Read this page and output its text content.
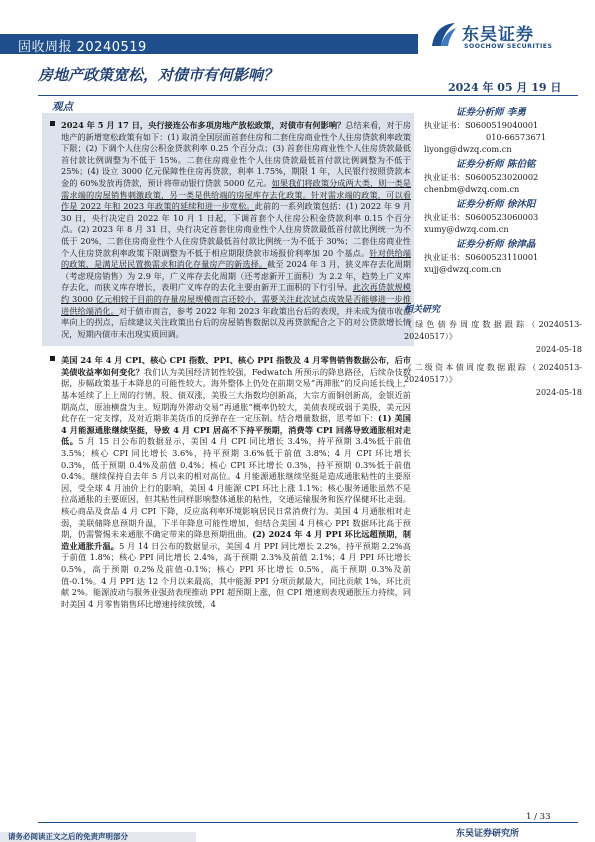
固收周报 20240519
东吴证券
SOOCHOW SECURITIES
房地产政策宽松，对债市有何影响？
2024 年 05 月 19 日
观点
2024 年 5 月 17 日，央行接连公布多项房地产放松政策，对债市有何影响？总结来看，对于房地产的新增宽松政策有如下：(1) 取消全国层面首套住房和二套住房商业性个人住房贷款利率政策下限；(2) 下调个人住房公积金贷款利率 0.25 个百分点；(3) 首套住房商业性个人住房贷款最低首付款比例调整为不低于 15%。二套住房商业性个人住房贷款最低首付款比例调整为不低于 25%；(4) 设立 3000 亿元保障性住房再贷款，利率 1.75%，期限 1 年，人民银行按照贷款本金的 60%发放再贷款，预计将带动银行贷款 5000 亿元。如果我们将政策分成两大类，则一类是需求端的房屋销售刺激政策，另一类是供给端的房屋库存去化政策。针对需求端的政策，可以看作是 2022 年和 2023 年政策的延续和进一步宽松。此前的一系列政策包括：(1) 2022 年 9 月 30 日，央行决定自 2022 年 10 月 1 日起，下调首套个人住房公积金贷款利率 0.15 个百分点。(2) 2023 年 8 月 31 日，央行决定首套住房商业性个人住房贷款最低首付款比例统一为不低于 20%，二套住房商业性个人住房贷款最低首付款比例统一为不低于 30%；二套住房商业性个人住房贷款利率政策下限调整为不低于相应期限贷款市场报价利率加 20 个基点。针对供给端的政策，是满足居民置换需求和消化存量房产的新选择。截至 2024 年 3 月，狭义库存去化周期（考虑现房销售）为 2.9 年，广义库存去化周期（还考虑新开工面积）为 2.2 年，趋势上广义库存去化，而狭义库存增长，表明广义库存的去化主要由新开工面积的下行引导。此次再贷款规模约 3000 亿元相较于目前的存量房屋规模而言还较小，需要关注此次试点成效是否能够进一步推进供给端消化。对于债市而言，参考 2022 年和 2023 年政策出台后的表现，并未成为债市收益率向上的拐点，后续建议关注政策出台后的房屋销售数据以及再贷款配合之下的对公贷款增长情况，短期内债市未出现实质回调。
美国 24 年 4 月 CPI、核心 CPI 指数、PPI、核心 PPI 指数及 4 月零售销售数据公布，后市美债收益率如何变化？我们认为美国经济韧性较强，Fedwatch 所预示的降息路径，后续杂伎数据，步幅政策基于本降息的可能性较大。海外整体上仍处在前期交易“再滞胀”的反向延长线上，基本延续了上上周的行情，股、债双涨，美股三大指数均创新高，大宗方面铜创新高，金银近前期高点，原油横盘为主。短期海外滞动交易“再通胀”概率仍较大，美债表现或弱于美股，美元因此存在一定支撑，及对近期非美货币的反弹存在一定压制。结合增量数据，思考如下：(1) 美国 4 月能源通胀继续坚挺，导致 4 月 CPI 居高不下持平预期，消费等 CPI 回落导致通胀相对走低。5 月 15 日公布的数据显示，美国 4 月 CPI 同比增长 3.4%，持平预期 3.4%低于前值 3.5%；核心 CPI 同比增长 3.6%，持平预期 3.6%低于前值 3.8%；4 月 CPI 环比增长 0.3%，低于预期 0.4%及前值 0.4%；核心 CPI 环比增长 0.3%，持平预期 0.3%低于前值 0.4%。继续保持自去年 5 月以来的相对高位。4 月能源通胀继续坚挺是造成通胀粘性的主要原因，受全球 4 月油价上行的影响，美国 4 月能源 CPI 环比上涨 1.1%；核心服务通胀虽然不是拉高通胀的主要原因，但其粘性同样影响整体通胀的粘性，交通运输服务和医疗保健环比走弱。核心商品及食品 4 月 CPI 下降，反应高利率环境影响居民日常消费行为。美国 4 月通胀相对走弱，美联储降息预期升温，下半年降息可能性增加，但结合美国 4 月核心 PPI 数据环比高于预期，仍需警惕未来通胀不确定带来的降息预期扭曲。(2) 2024 年 4 月 PPI 环比远超预期，制造业通胀升温。5 月 14 日公布的数据显示，美国 4 月 PPI 同比增长 2.2%，持平预期 2.2%高于前值 1.8%；核心 PPI 同比增长 2.4%，高于预期 2.3%及前值 2.1%；4 月 PPI 环比增长 0.5%，高于预期 0.2%及前值-0.1%；核心 PPI 环比增长 0.5%，高于预期 0.3%及前值-0.1%。4 月 PPI 达 12 个月以来最高，其中能源 PPI 分项贡献最大，同比贡献 1%，环比贡献 2%。能源波动与服务业强劲表现推动 PPI 超预期上涨，但 CPI 增速则表现通胀压力持续，同时美国 4 月零售销售环比增速持续放缓，4
证券分析师 李勇
执业证书：S0600519040001
010-66573671
liyong@dwzq.com.cn
证券分析师 陈伯铭
执业证书：S0600523020002
chenbm@dwzq.com.cn
证券分析师 徐沐阳
执业证书：S0600523060003
xumy@dwzq.com.cn
证券分析师 徐津晶
执业证书：S0600523110001
xujj@dwzq.com.cn
相关研究
《绿色债券周度数据跟踪（20240513-20240517）》
2024-05-18
《二级资本债周度数据跟踪（20240513-20240517）》
2024-05-18
1 / 33
请务必阅读正文之后的免责声明部分	东吴证券研究所
